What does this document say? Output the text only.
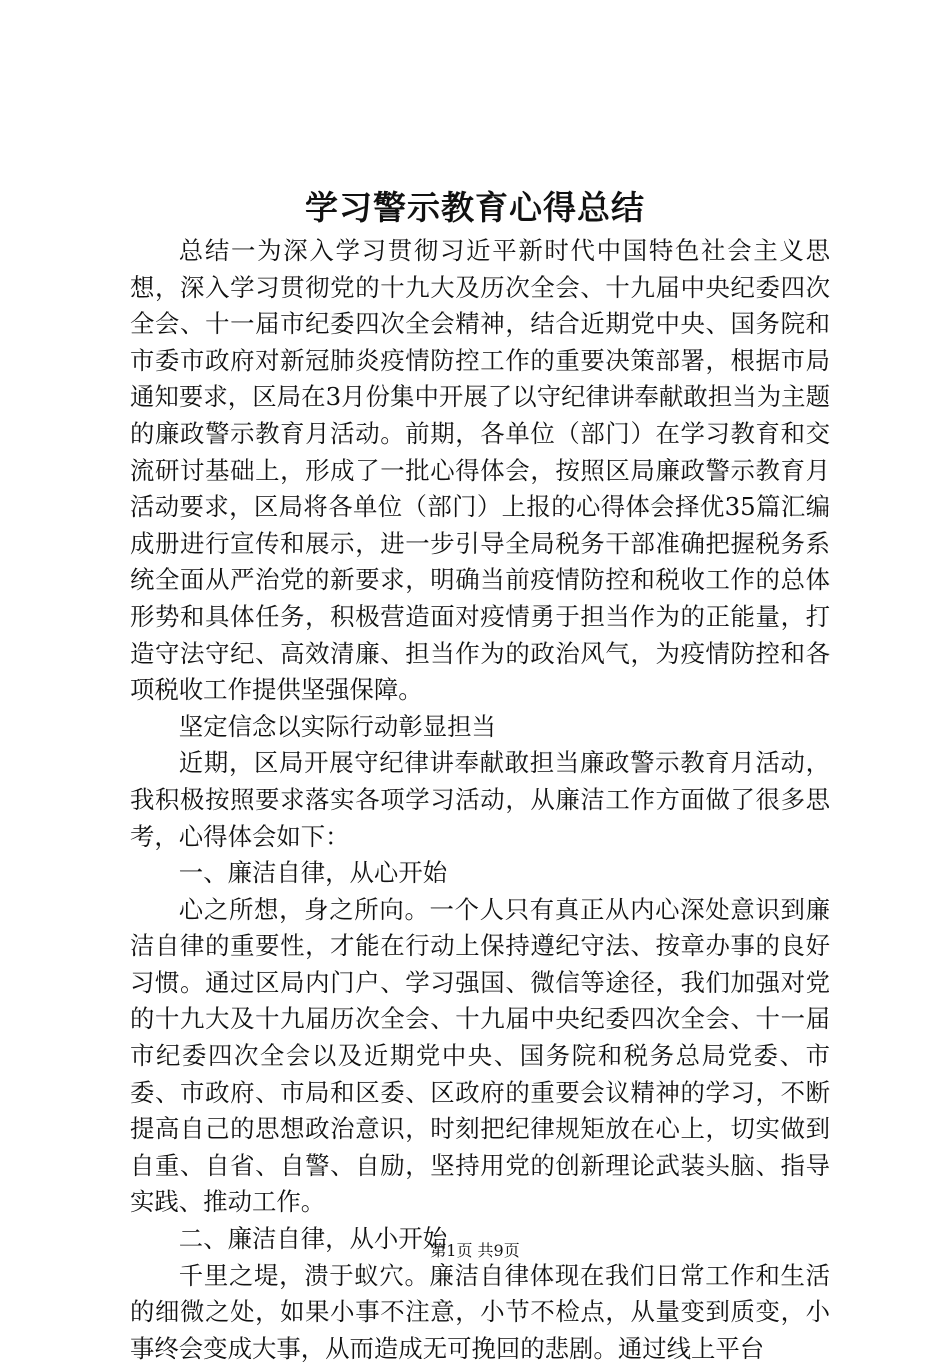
学习警示教育心得总结

总结一为深入学习贯彻习近平新时代中国特色社会主义思想，深入学习贯彻党的十九大及历次全会、十九届中央纪委四次全会、十一届市纪委四次全会精神，结合近期党中央、国务院和市委市政府对新冠肺炎疫情防控工作的重要决策部署，根据市局通知要求，区局在3月份集中开展了以守纪律讲奉献敢担当为主题的廉政警示教育月活动。前期，各单位（部门）在学习教育和交流研讨基础上，形成了一批心得体会，按照区局廉政警示教育月活动要求，区局将各单位（部门）上报的心得体会择优35篇汇编成册进行宣传和展示，进一步引导全局税务干部准确把握税务系统全面从严治党的新要求，明确当前疫情防控和税收工作的总体形势和具体任务，积极营造面对疫情勇于担当作为的正能量，打造守法守纪、高效清廉、担当作为的政治风气，为疫情防控和各项税收工作提供坚强保障。

坚定信念以实际行动彰显担当

近期，区局开展守纪律讲奉献敢担当廉政警示教育月活动，我积极按照要求落实各项学习活动，从廉洁工作方面做了很多思考，心得体会如下：

一、廉洁自律，从心开始

心之所想，身之所向。一个人只有真正从内心深处意识到廉洁自律的重要性，才能在行动上保持遵纪守法、按章办事的良好习惯。通过区局内门户、学习强国、微信等途径，我们加强对党的十九大及十九届历次全会、十九届中央纪委四次全会、十一届市纪委四次全会以及近期党中央、国务院和税务总局党委、市委、市政府、市局和区委、区政府的重要会议精神的学习，不断提高自己的思想政治意识，时刻把纪律规矩放在心上，切实做到自重、自省、自警、自励，坚持用党的创新理论武装头脑、指导实践、推动工作。

二、廉洁自律，从小开始

千里之堤，溃于蚁穴。廉洁自律体现在我们日常工作和生活的细微之处，如果小事不注意，小节不检点，从量变到质变，小事终会变成大事，从而造成无可挽回的悲剧。通过线上平台

第1页 共9页
